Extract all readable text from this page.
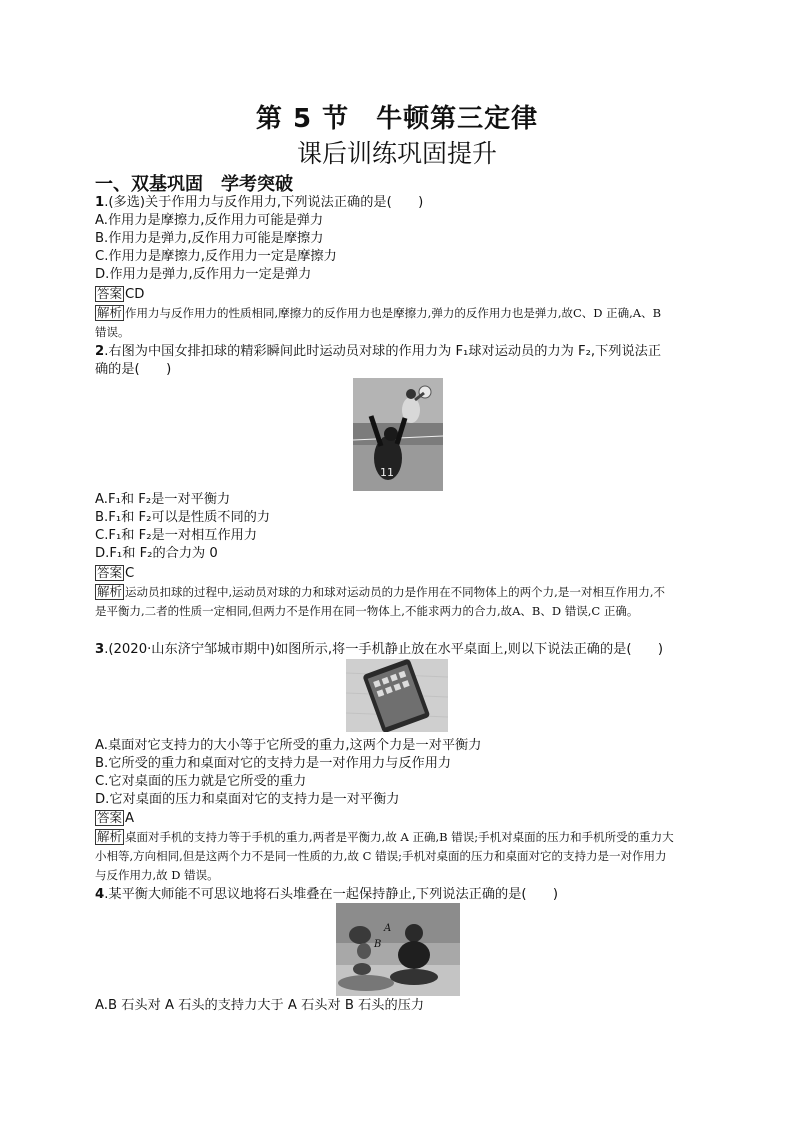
第 5 节　牛顿第三定律
课后训练巩固提升
一、双基巩固　学考突破
1.(多选)关于作用力与反作用力,下列说法正确的是(　　)
A.作用力是摩擦力,反作用力可能是弹力
B.作用力是弹力,反作用力可能是摩擦力
C.作用力是摩擦力,反作用力一定是摩擦力
D.作用力是弹力,反作用力一定是弹力
答案 CD
解析 作用力与反作用力的性质相同,摩擦力的反作用力也是摩擦力,弹力的反作用力也是弹力,故C、D 正确,A、B 错误。
2.右图为中国女排扣球的精彩瞬间此时运动员对球的作用力为 F₁球对运动员的力为 F₂,下列说法正
确的是(　　)
11
A.F₁和 F₂是一对平衡力
B.F₁和 F₂可以是性质不同的力
C.F₁和 F₂是一对相互作用力
D.F₁和 F₂的合力为 0
答案 C
解析 运动员扣球的过程中,运动员对球的力和球对运动员的力是作用在不同物体上的两个力,是一对相互作用力,不是平衡力,二者的性质一定相同,但两力不是作用在同一物体上,不能求两力的合力,故A、B、D 错误,C 正确。
3.(2020·山东济宁邹城市期中)如图所示,将一手机静止放在水平桌面上,则以下说法正确的是(　　)
A.桌面对它支持力的大小等于它所受的重力,这两个力是一对平衡力
B.它所受的重力和桌面对它的支持力是一对作用力与反作用力
C.它对桌面的压力就是它所受的重力
D.它对桌面的压力和桌面对它的支持力是一对平衡力
答案 A
解析 桌面对手机的支持力等于手机的重力,两者是平衡力,故 A 正确,B 错误;手机对桌面的压力和手机所受的重力大小相等,方向相同,但是这两个力不是同一性质的力,故 C 错误;手机对桌面的压力和桌面对它的支持力是一对作用力与反作用力,故 D 错误。
4.某平衡大师能不可思议地将石头堆叠在一起保持静止,下列说法正确的是(　　)
A
B
A.B 石头对 A 石头的支持力大于 A 石头对 B 石头的压力
